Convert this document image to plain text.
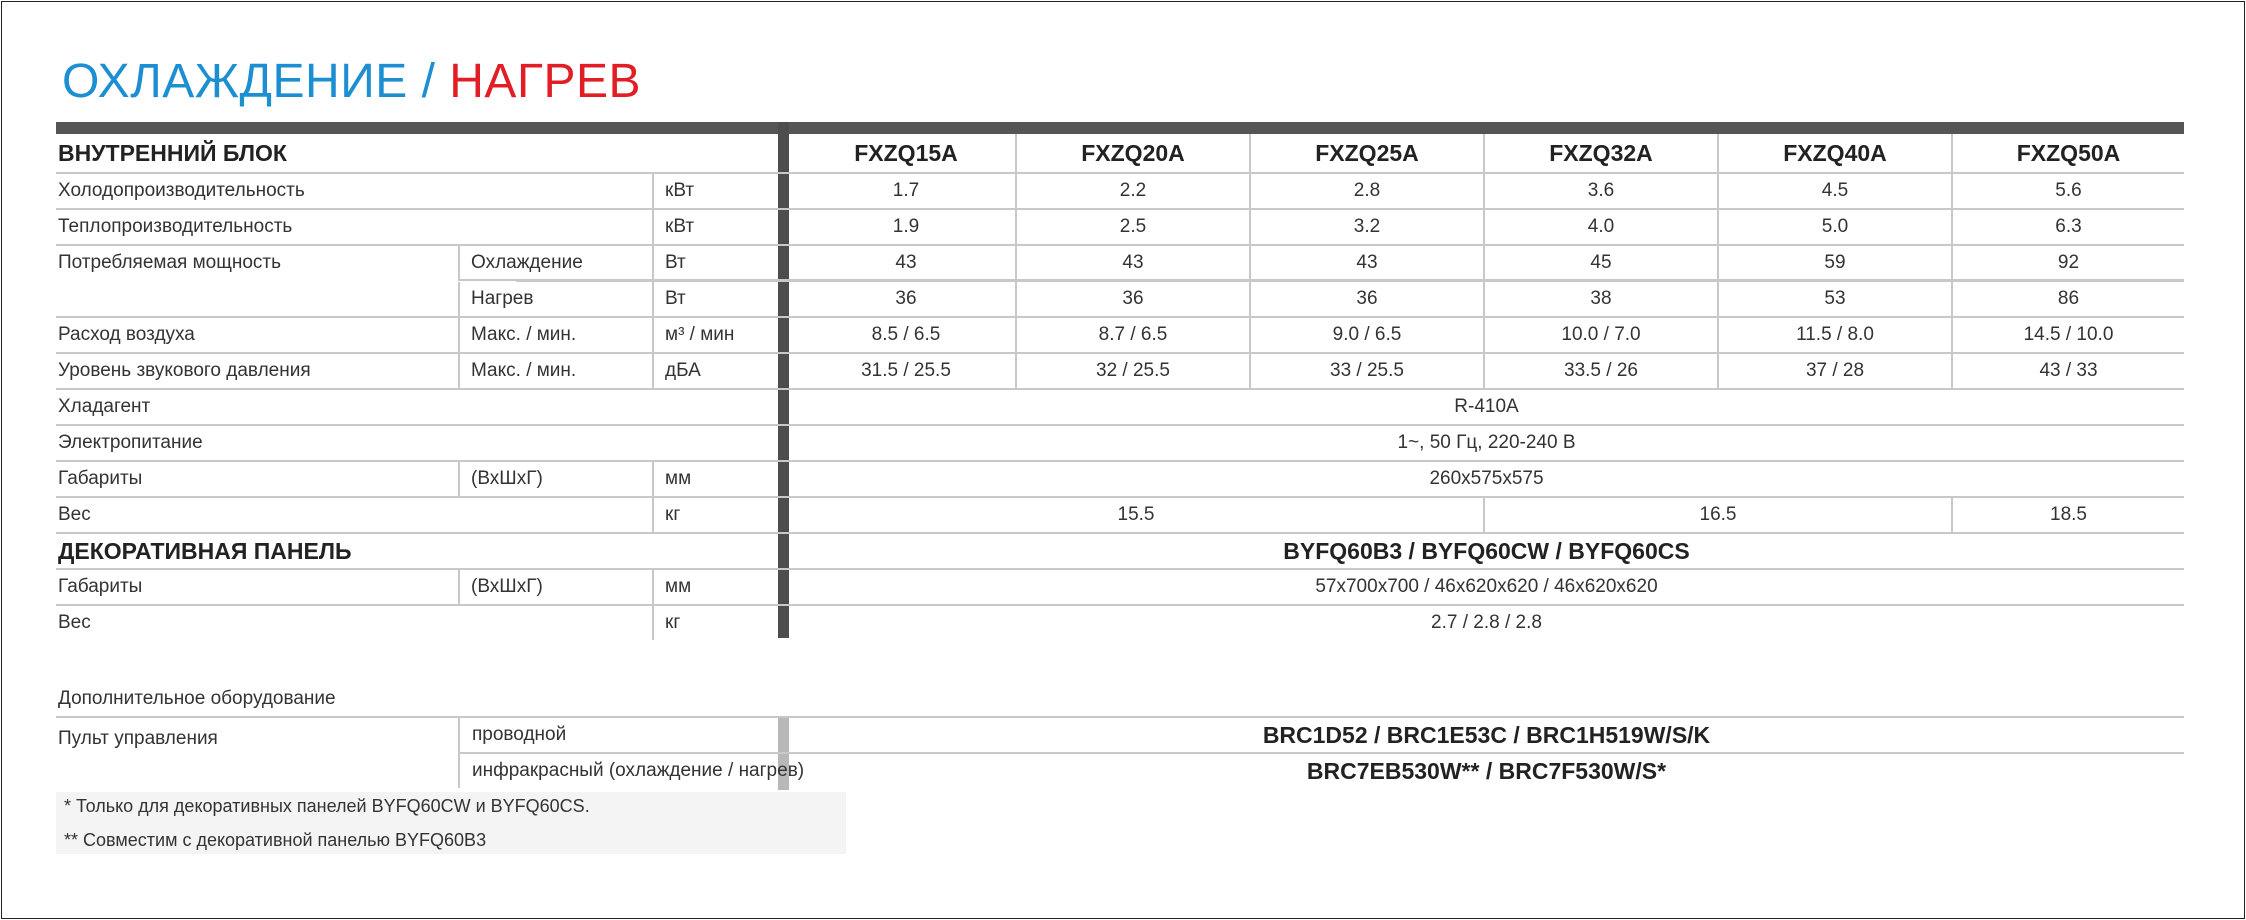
ОХЛАЖДЕНИЕ / НАГРЕВ
ВНУТРЕННИЙ БЛОК	FXZQ15A	FXZQ20A	FXZQ25A	FXZQ32A	FXZQ40A	FXZQ50A
Холодопроизводительность	кВт	1.7	2.2	2.8	3.6	4.5	5.6
Теплопроизводительность	кВт	1.9	2.5	3.2	4.0	5.0	6.3
Потребляемая мощность	Охлаждение	Вт	43	43	43	45	59	92
Нагрев	Вт	36	36	36	38	53	86
Расход воздуха	Макс. / мин.	м³ / мин	8.5 / 6.5	8.7 / 6.5	9.0 / 6.5	10.0 / 7.0	11.5 / 8.0	14.5 / 10.0
Уровень звукового давления	Макс. / мин.	дБА	31.5 / 25.5	32 / 25.5	33 / 25.5	33.5 / 26	37 / 28	43 / 33
Хладагент	R-410A
Электропитание	1~, 50 Гц, 220-240 В
Габариты	(ВхШхГ)	мм	260x575x575
Вес	кг	15.5	16.5	18.5
ДЕКОРАТИВНАЯ ПАНЕЛЬ	BYFQ60B3 / BYFQ60CW / BYFQ60CS
Габариты	(ВхШхГ)	мм	57x700x700 / 46x620x620 / 46x620x620
Вес	кг	2.7 / 2.8 / 2.8
Дополнительное оборудование
Пульт управления	проводной	BRC1D52 / BRC1E53C / BRC1H519W/S/K
инфракрасный (охлаждение / нагрев)	BRC7EB530W** / BRC7F530W/S*
* Только для декоративных панелей BYFQ60CW и BYFQ60CS.
** Совместим с декоративной панелью BYFQ60B3
